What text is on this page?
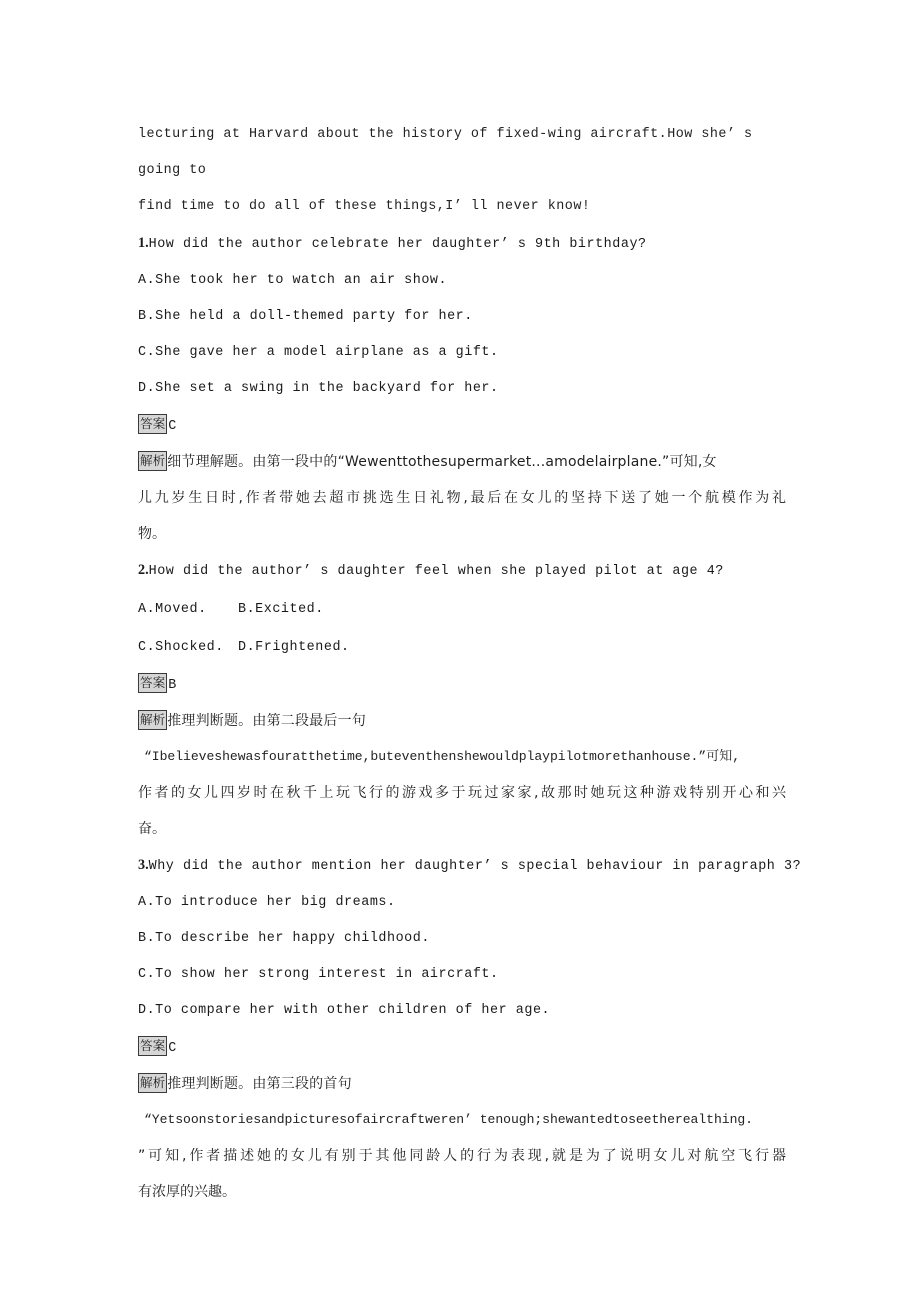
lecturing at Harvard about the history of fixed-wing aircraft.How she’ s going to
find time to do all of these things,I’ ll never know!
1.How did the author celebrate her daughter’ s 9th birthday?
A.She took her to watch an air show.
B.She held a doll-themed party for her.
C.She gave her a model airplane as a gift.
D.She set a swing in the backyard for her.
答案 C
解析 细节理解题。由第一段中的“Wewenttothesupermarket...amodelairplane.”可知,女
儿九岁生日时,作者带她去超市挑选生日礼物,最后在女儿的坚持下送了她一个航模作为礼
物。
2.How did the author’ s daughter feel when she played pilot at age 4?
A.Moved. B.Excited.
C.Shocked. D.Frightened.
答案 B
解析 推理判断题。由第二段最后一句
“Ibelieveshewasfouratthetime,buteventhenshewouldplaypilotmorethanhouse.”可知,
作者的女儿四岁时在秋千上玩飞行的游戏多于玩过家家,故那时她玩这种游戏特别开心和兴
奋。
3.Why did the author mention her daughter’ s special behaviour in paragraph 3?
A.To introduce her big dreams.
B.To describe her happy childhood.
C.To show her strong interest in aircraft.
D.To compare her with other children of her age.
答案 C
解析 推理判断题。由第三段的首句
“Yetsoonstoriesandpicturesofaircraftweren’ tenough;shewantedtoseetherealthing.
”可知,作者描述她的女儿有别于其他同龄人的行为表现,就是为了说明女儿对航空飞行器
有浓厚的兴趣。
